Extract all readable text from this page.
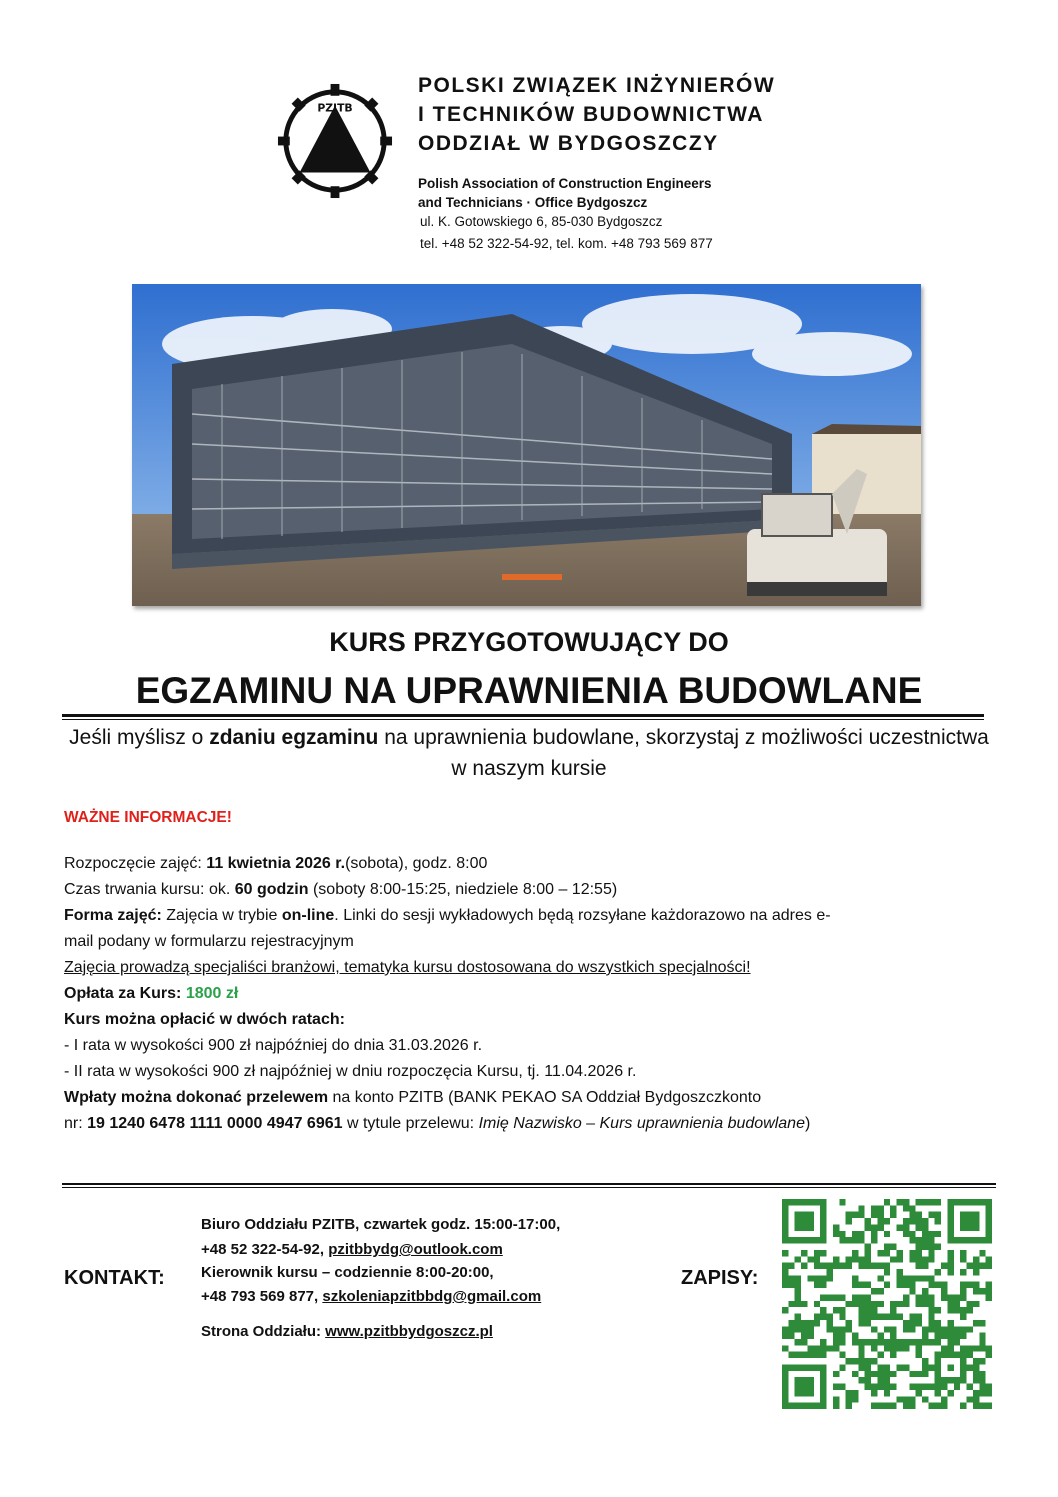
PZITB
POLSKI ZWIĄZEK INŻYNIERÓW
I TECHNIKÓW BUDOWNICTWA
ODDZIAŁ W BYDGOSZCZY
Polish Association of Construction Engineers
and Technicians · Office Bydgoszcz
ul. K. Gotowskiego 6, 85-030 Bydgoszcz
tel. +48 52 322-54-92, tel. kom. +48 793 569 877
KURS PRZYGOTOWUJĄCY DO
EGZAMINU NA UPRAWNIENIA BUDOWLANE
Jeśli myślisz o zdaniu egzaminu na uprawnienia budowlane, skorzystaj z możliwości uczestnictwa w naszym kursie
WAŻNE INFORMACJE!
Rozpoczęcie zajęć: 11 kwietnia 2026 r.(sobota), godz. 8:00
Czas trwania kursu: ok. 60 godzin (soboty 8:00-15:25, niedziele 8:00 – 12:55)
Forma zajęć: Zajęcia w trybie on-line. Linki do sesji wykładowych będą rozsyłane każdorazowo na adres e-
mail podany w formularzu rejestracyjnym
Zajęcia prowadzą specjaliści branżowi, tematyka kursu dostosowana do wszystkich specjalności!
Opłata za Kurs: 1800 zł
Kurs można opłacić w dwóch ratach:
- I rata w wysokości 900 zł najpóźniej do dnia 31.03.2026 r.
- II rata w wysokości 900 zł najpóźniej w dniu rozpoczęcia Kursu, tj. 11.04.2026 r.
Wpłaty można dokonać przelewem na konto PZITB (BANK PEKAO SA Oddział Bydgoszczkonto
nr: 19 1240 6478 1111 0000 4947 6961 w tytule przelewu: Imię Nazwisko – Kurs uprawnienia budowlane)
KONTAKT:
Biuro Oddziału PZITB, czwartek godz. 15:00-17:00,
+48 52 322-54-92, pzitbbydg@outlook.com
Kierownik kursu – codziennie 8:00-20:00,
+48 793 569 877, szkoleniapzitbbdg@gmail.com
Strona Oddziału: www.pzitbbydgoszcz.pl
ZAPISY:
